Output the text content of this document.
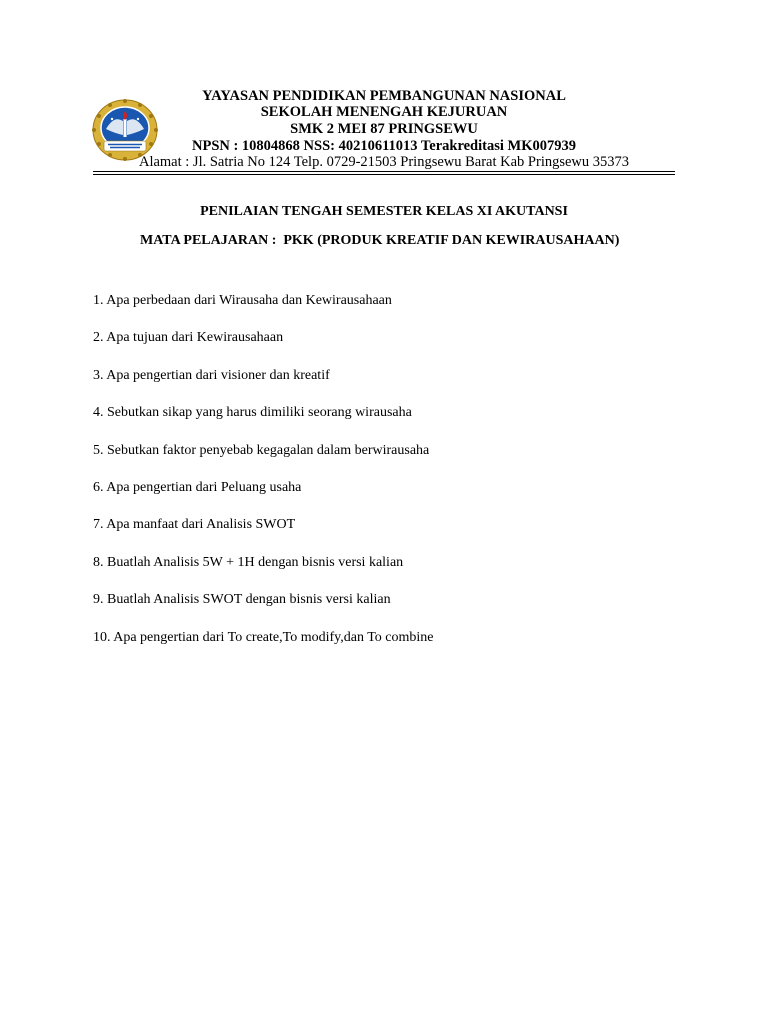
YAYASAN PENDIDIKAN PEMBANGUNAN NASIONAL
SEKOLAH MENENGAH KEJURUAN
SMK 2 MEI 87 PRINGSEWU
NPSN : 10804868 NSS: 40210611013 Terakreditasi MK007939
Alamat : Jl. Satria No 124 Telp. 0729-21503 Pringsewu Barat Kab Pringsewu 35373
PENILAIAN TENGAH SEMESTER KELAS XI AKUTANSI
MATA PELAJARAN :  PKK (PRODUK KREATIF DAN KEWIRAUSAHAAN)
1. Apa perbedaan dari Wirausaha dan Kewirausahaan
2. Apa tujuan dari Kewirausahaan
3. Apa pengertian dari visioner dan kreatif
4. Sebutkan sikap yang harus dimiliki seorang wirausaha
5. Sebutkan faktor penyebab kegagalan dalam berwirausaha
6. Apa pengertian dari Peluang usaha
7. Apa manfaat dari Analisis SWOT
8. Buatlah Analisis 5W + 1H dengan bisnis versi kalian
9. Buatlah Analisis SWOT dengan bisnis versi kalian
10. Apa pengertian dari To create,To modify,dan To combine
